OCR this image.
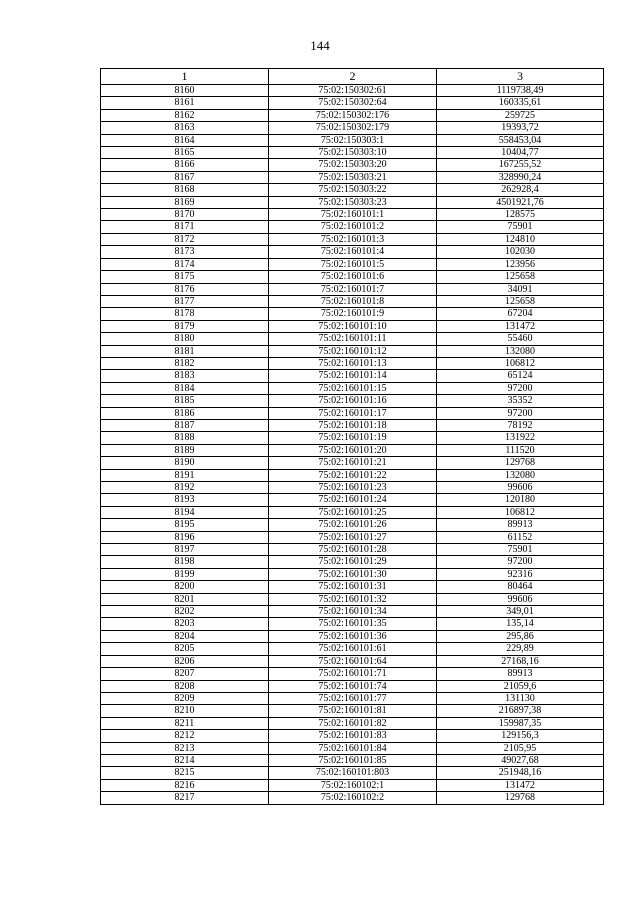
144
1	2	3
8160	75:02:150302:61	1119738,49
8161	75:02:150302:64	160335,61
8162	75:02:150302:176	259725
8163	75:02:150302:179	19393,72
8164	75:02:150303:1	558453,04
8165	75:02:150303:10	10404,77
8166	75:02:150303:20	167255,52
8167	75:02:150303:21	328990,24
8168	75:02:150303:22	262928,4
8169	75:02:150303:23	4501921,76
8170	75:02:160101:1	128575
8171	75:02:160101:2	75901
8172	75:02:160101:3	124810
8173	75:02:160101:4	102030
8174	75:02:160101:5	123956
8175	75:02:160101:6	125658
8176	75:02:160101:7	34091
8177	75:02:160101:8	125658
8178	75:02:160101:9	67204
8179	75:02:160101:10	131472
8180	75:02:160101:11	55460
8181	75:02:160101:12	132080
8182	75:02:160101:13	106812
8183	75:02:160101:14	65124
8184	75:02:160101:15	97200
8185	75:02:160101:16	35352
8186	75:02:160101:17	97200
8187	75:02:160101:18	78192
8188	75:02:160101:19	131922
8189	75:02:160101:20	111520
8190	75:02:160101:21	129768
8191	75:02:160101:22	132080
8192	75:02:160101:23	99606
8193	75:02:160101:24	120180
8194	75:02:160101:25	106812
8195	75:02:160101:26	89913
8196	75:02:160101:27	61152
8197	75:02:160101:28	75901
8198	75:02:160101:29	97200
8199	75:02:160101:30	92316
8200	75:02:160101:31	80464
8201	75:02:160101:32	99606
8202	75:02:160101:34	349,01
8203	75:02:160101:35	135,14
8204	75:02:160101:36	295,86
8205	75:02:160101:61	229,89
8206	75:02:160101:64	27168,16
8207	75:02:160101:71	89913
8208	75:02:160101:74	21059,6
8209	75:02:160101:77	131130
8210	75:02:160101:81	216897,38
8211	75:02:160101:82	159987,35
8212	75:02:160101:83	129156,3
8213	75:02:160101:84	2105,95
8214	75:02:160101:85	49027,68
8215	75:02:160101:803	251948,16
8216	75:02:160102:1	131472
8217	75:02:160102:2	129768
